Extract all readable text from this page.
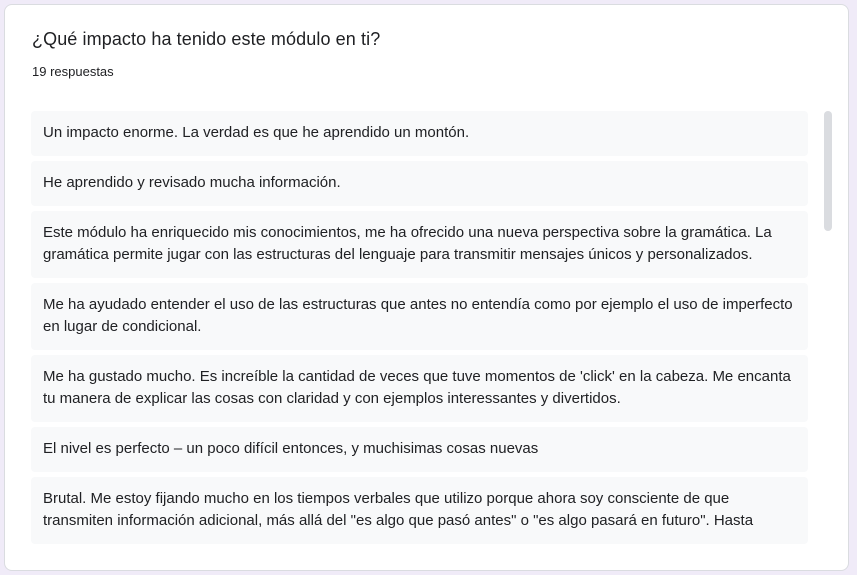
¿Qué impacto ha tenido este módulo en ti?
19 respuestas
Un impacto enorme. La verdad es que he aprendido un montón.
He aprendido y revisado mucha información.
Este módulo ha enriquecido mis conocimientos, me ha ofrecido una nueva perspectiva sobre la gramática. La gramática permite jugar con las estructuras del lenguaje para transmitir mensajes únicos y personalizados.
Me ha ayudado entender el uso de las estructuras que antes no entendía como por ejemplo el uso de imperfecto en lugar de condicional.
Me ha gustado mucho. Es increíble la cantidad de veces que tuve momentos de 'click' en la cabeza. Me encanta tu manera de explicar las cosas con claridad y con ejemplos interessantes y divertidos.
El nivel es perfecto – un poco difícil entonces, y muchisimas cosas nuevas
Brutal. Me estoy fijando mucho en los tiempos verbales que utilizo porque ahora soy consciente de que transmiten información adicional, más allá del "es algo que pasó antes" o "es algo pasará en futuro". Hasta
